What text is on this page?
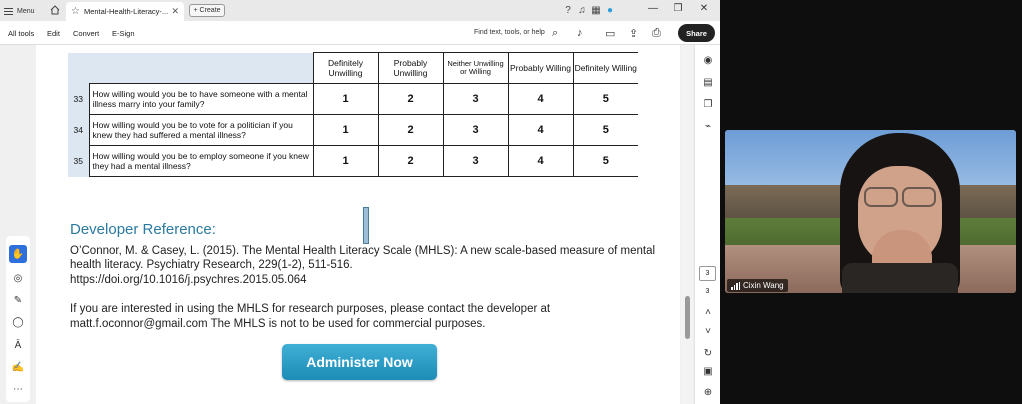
Menu	☆ Mental-Health-Literacy-... ✕ + Create	? ♫ ▦ ●	— ❐ ✕
All tools Edit Convert E-Sign	Find text, tools, or help ⌕ ♪ ▭ ⇪ ⎙	Share
		Definitely Unwilling	Probably Unwilling	Neither Unwilling or Willing	Probably Willing	Definitely Willing
33	How willing would you be to have someone with a mental illness marry into your family?	1	2	3	4	5
34	How willing would you be to vote for a politician if you knew they had suffered a mental illness?	1	2	3	4	5
35	How willing would you be to employ someone if you knew they had a mental illness?	1	2	3	4	5
Developer Reference:
O’Connor, M. & Casey, L. (2015). The Mental Health Literacy Scale (MHLS): A new scale-based measure of mental health literacy. Psychiatry Research, 229(1-2), 511-516.
https://doi.org/10.1016/j.psychres.2015.05.064
If you are interested in using the MHLS for research purposes, please contact the developer at matt.f.oconnor@gmail.com The MHLS is not to be used for commercial purposes.
Administer Now
✋
◎
✎
◯
Ā
✍
⋯
◉
▤
❐
⌁
3
3
˄
˅
↻
▣
⊕
Cixin Wang
